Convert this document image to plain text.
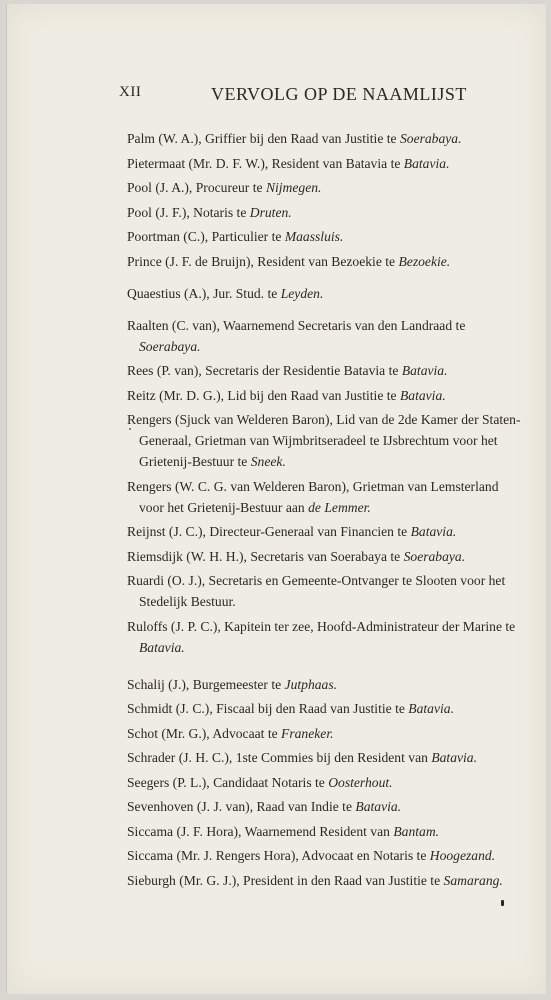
XII	VERVOLG OP DE NAAMLIJST

Palm (W. A.), Griffier bij den Raad van Justitie te Soerabaya.

Pietermaat (Mr. D. F. W.), Resident van Batavia te Batavia.

Pool (J. A.), Procureur te Nijmegen.

Pool (J. F.), Notaris te Druten.

Poortman (C.), Particulier te Maassluis.

Prince (J. F. de Bruijn), Resident van Bezoekie te Bezoekie.

Quaestius (A.), Jur. Stud. te Leyden.

Raalten (C. van), Waarnemend Secretaris van den Landraad te Soerabaya.

Rees (P. van), Secretaris der Residentie Batavia te Batavia.

Reitz (Mr. D. G.), Lid bij den Raad van Justitie te Batavia.

Rengers (Sjuck van Welderen Baron), Lid van de 2de Kamer der Staten-Generaal, Grietman van Wijmbritseradeel te IJsbrechtum voor het Grietenij-Bestuur te Sneek.

Rengers (W. C. G. van Welderen Baron), Grietman van Lemsterland voor het Grietenij-Bestuur aan de Lemmer.

Reijnst (J. C.), Directeur-Generaal van Financien te Batavia.

Riemsdijk (W. H. H.), Secretaris van Soerabaya te Soerabaya.

Ruardi (O. J.), Secretaris en Gemeente-Ontvanger te Slooten voor het Stedelijk Bestuur.

Ruloffs (J. P. C.), Kapitein ter zee, Hoofd-Administrateur der Marine te Batavia.

Schalij (J.), Burgemeester te Jutphaas.

Schmidt (J. C.), Fiscaal bij den Raad van Justitie te Batavia.

Schot (Mr. G.), Advocaat te Franeker.

Schrader (J. H. C.), 1ste Commies bij den Resident van Batavia.

Seegers (P. L.), Candidaat Notaris te Oosterhout.

Sevenhoven (J. J. van), Raad van Indie te Batavia.

Siccama (J. F. Hora), Waarnemend Resident van Bantam.

Siccama (Mr. J. Rengers Hora), Advocaat en Notaris te Hoogezand.

Sieburgh (Mr. G. J.), President in den Raad van Justitie te Samarang.
